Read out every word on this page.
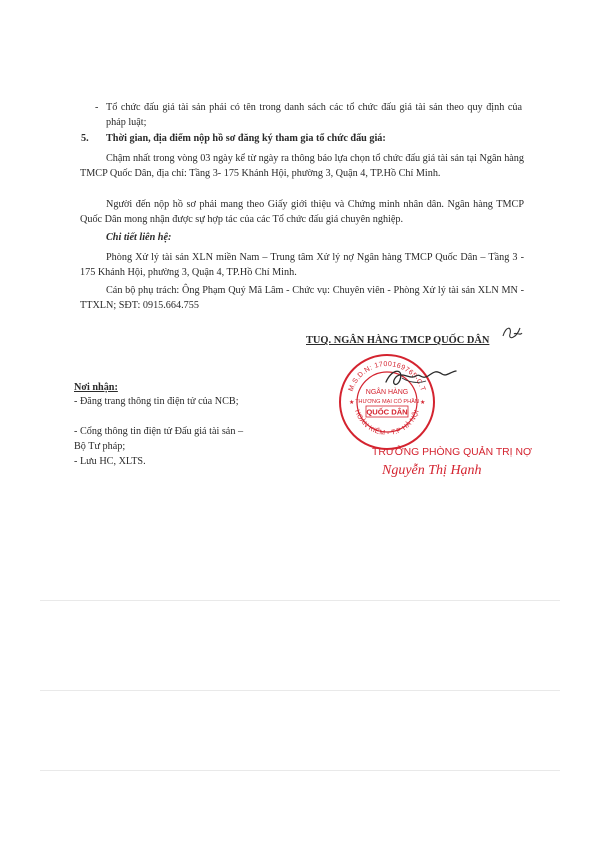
- Tổ chức đấu giá tài sản phải có tên trong danh sách các tổ chức đấu giá tài sản theo quy định của pháp luật;

5. Thời gian, địa điểm nộp hồ sơ đăng ký tham gia tổ chức đấu giá:

Chậm nhất trong vòng 03 ngày kể từ ngày ra thông báo lựa chọn tổ chức đấu giá tài sản tại Ngân hàng TMCP Quốc Dân, địa chỉ: Tầng 3- 175 Khánh Hội, phường 3, Quận 4, TP.Hồ Chí Minh.

Người đến nộp hồ sơ phải mang theo Giấy giới thiệu và Chứng minh nhân dân. Ngân hàng TMCP Quốc Dân mong nhận được sự hợp tác của các Tổ chức đấu giá chuyên nghiệp.

Chi tiết liên hệ:

Phòng Xử lý tài sản XLN miền Nam – Trung tâm Xử lý nợ Ngân hàng TMCP Quốc Dân – Tầng 3 - 175 Khánh Hội, phường 3, Quận 4, TP.Hồ Chí Minh.

Cán bộ phụ trách: Ông Phạm Quý Mã Lâm - Chức vụ: Chuyên viên - Phòng Xử lý tài sản XLN MN - TTXLN; SĐT: 0915.664.755

TUQ. NGÂN HÀNG TMCP QUỐC DÂN
M.S.D.N: 1700169765-C.T
HOÀN KIẾM - T.P HÀ NỘI
NGÂN HÀNG
THƯƠNG MẠI CỔ PHẦN
QUỐC DÂN
★	★
TRƯỞNG PHÒNG QUẢN TRỊ NỢ
Nguyễn Thị Hạnh
Nơi nhận:

- Đăng trang thông tin điện tử của NCB;

- Cổng thông tin điện tử Đấu giá tài sản – Bộ Tư pháp;

- Lưu HC, XLTS.
